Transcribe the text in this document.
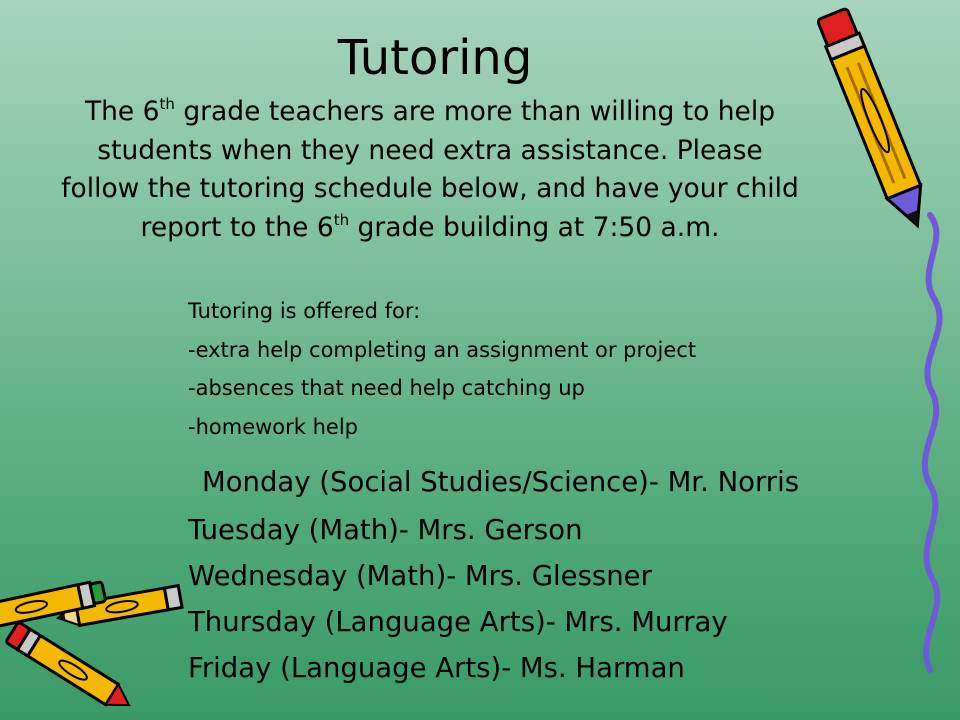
Tutoring
The 6th grade teachers are more than willing to help students when they need extra assistance. Please follow the tutoring schedule below, and have your child report to the 6th grade building at 7:50 a.m.
Tutoring is offered for:
-extra help completing an assignment or project
-absences that need help catching up
-homework help
Monday (Social Studies/Science)- Mr. Norris
Tuesday (Math)- Mrs. Gerson
Wednesday (Math)- Mrs. Glessner
Thursday (Language Arts)- Mrs. Murray
Friday (Language Arts)- Ms. Harman
